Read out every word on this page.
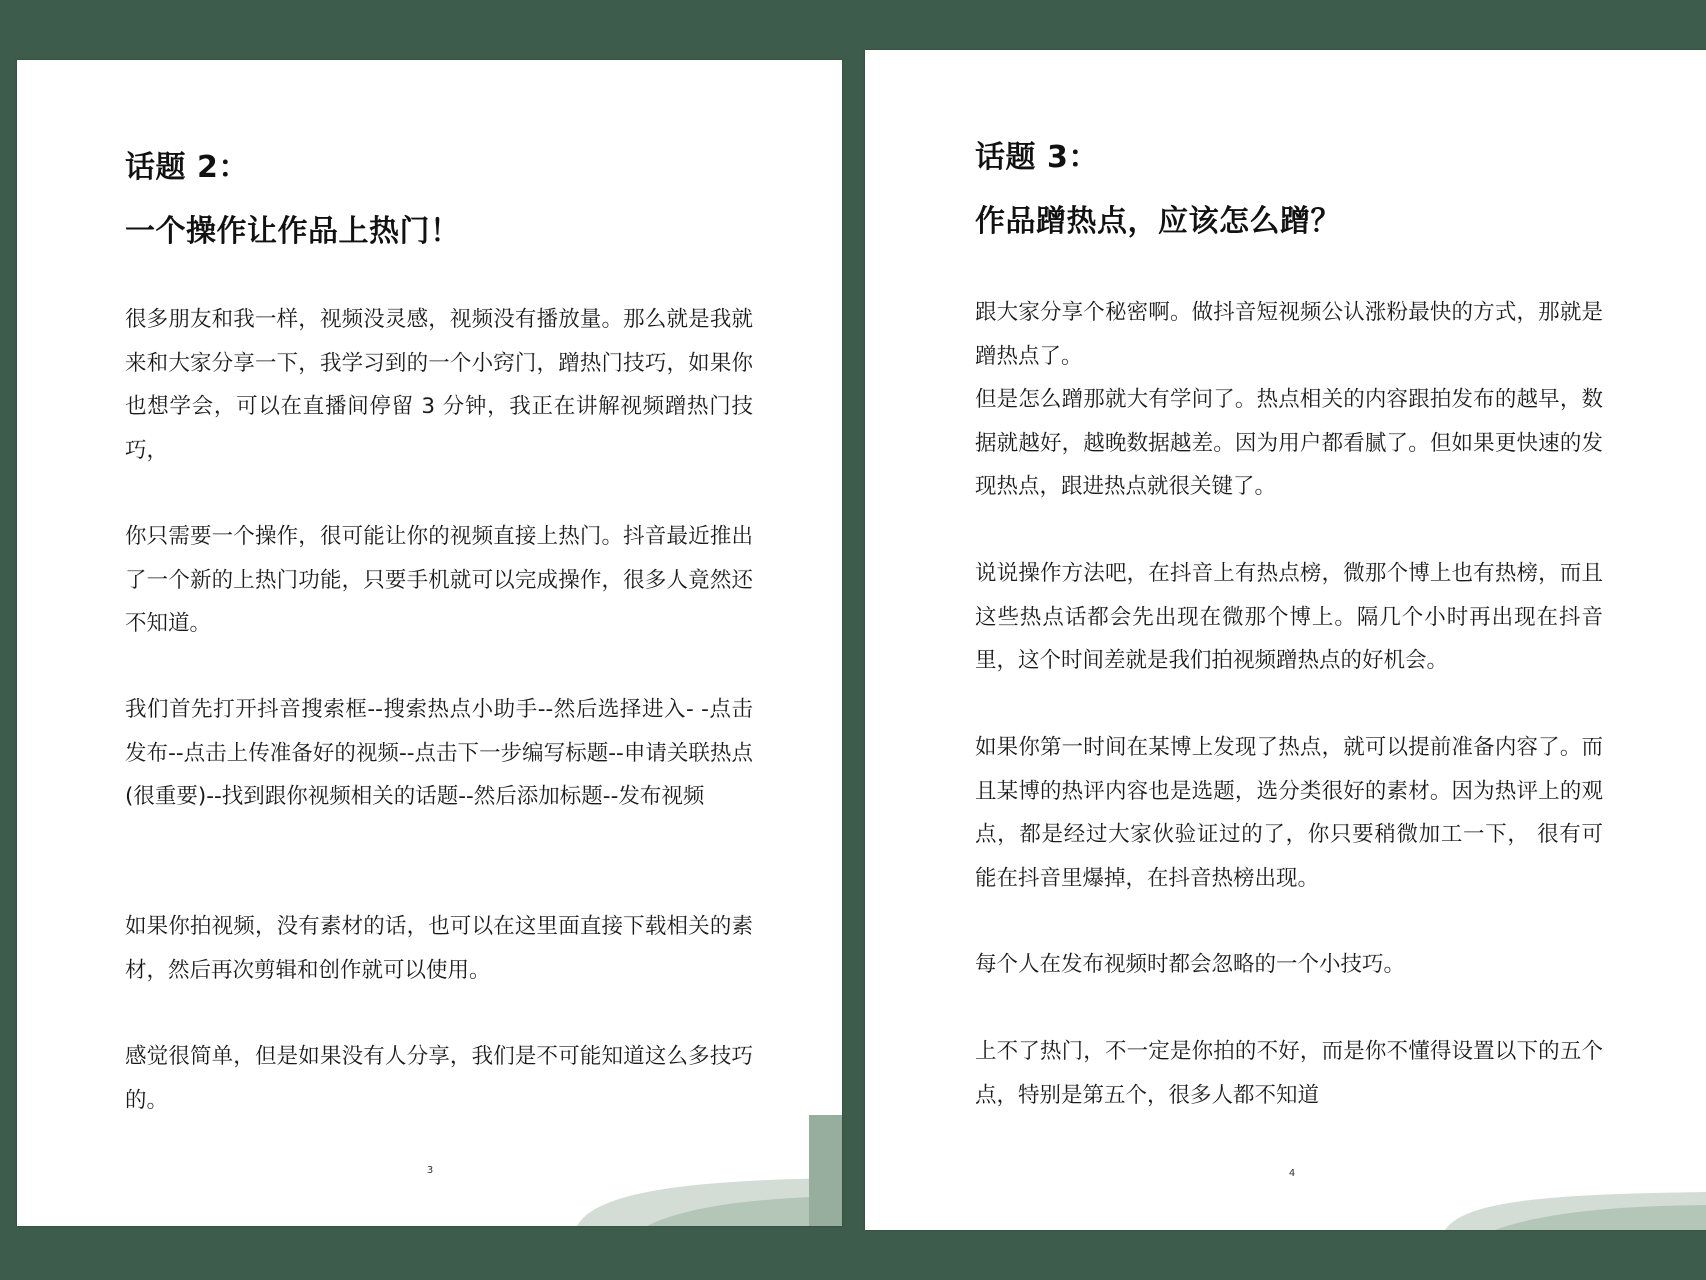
话题 2：
一个操作让作品上热门！
很多朋友和我一样，视频没灵感，视频没有播放量。那么就是我就来和大家分享一下，我学习到的一个小窍门，蹭热门技巧，如果你也想学会，可以在直播间停留 3 分钟，我正在讲解视频蹭热门技巧，
你只需要一个操作，很可能让你的视频直接上热门。抖音最近推出了一个新的上热门功能，只要手机就可以完成操作，很多人竟然还不知道。
我们首先打开抖音搜索框--搜索热点小助手--然后选择进入- -点击发布--点击上传准备好的视频--点击下一步编写标题--申请关联热点(很重要)--找到跟你视频相关的话题--然后添加标题--发布视频
如果你拍视频，没有素材的话，也可以在这里面直接下载相关的素材，然后再次剪辑和创作就可以使用。
感觉很简单，但是如果没有人分享，我们是不可能知道这么多技巧的。
3
话题 3：
作品蹭热点，应该怎么蹭？
跟大家分享个秘密啊。做抖音短视频公认涨粉最快的方式，那就是蹭热点了。
但是怎么蹭那就大有学问了。热点相关的内容跟拍发布的越早，数据就越好，越晚数据越差。因为用户都看腻了。但如果更快速的发现热点，跟进热点就很关键了。
说说操作方法吧，在抖音上有热点榜，微那个博上也有热榜，而且这些热点话都会先出现在微那个博上。隔几个小时再出现在抖音里，这个时间差就是我们拍视频蹭热点的好机会。
如果你第一时间在某博上发现了热点，就可以提前准备内容了。而且某博的热评内容也是选题，选分类很好的素材。因为热评上的观点，都是经过大家伙验证过的了，你只要稍微加工一下， 很有可能在抖音里爆掉，在抖音热榜出现。
每个人在发布视频时都会忽略的一个小技巧。
上不了热门，不一定是你拍的不好，而是你不懂得设置以下的五个点，特别是第五个，很多人都不知道
4
